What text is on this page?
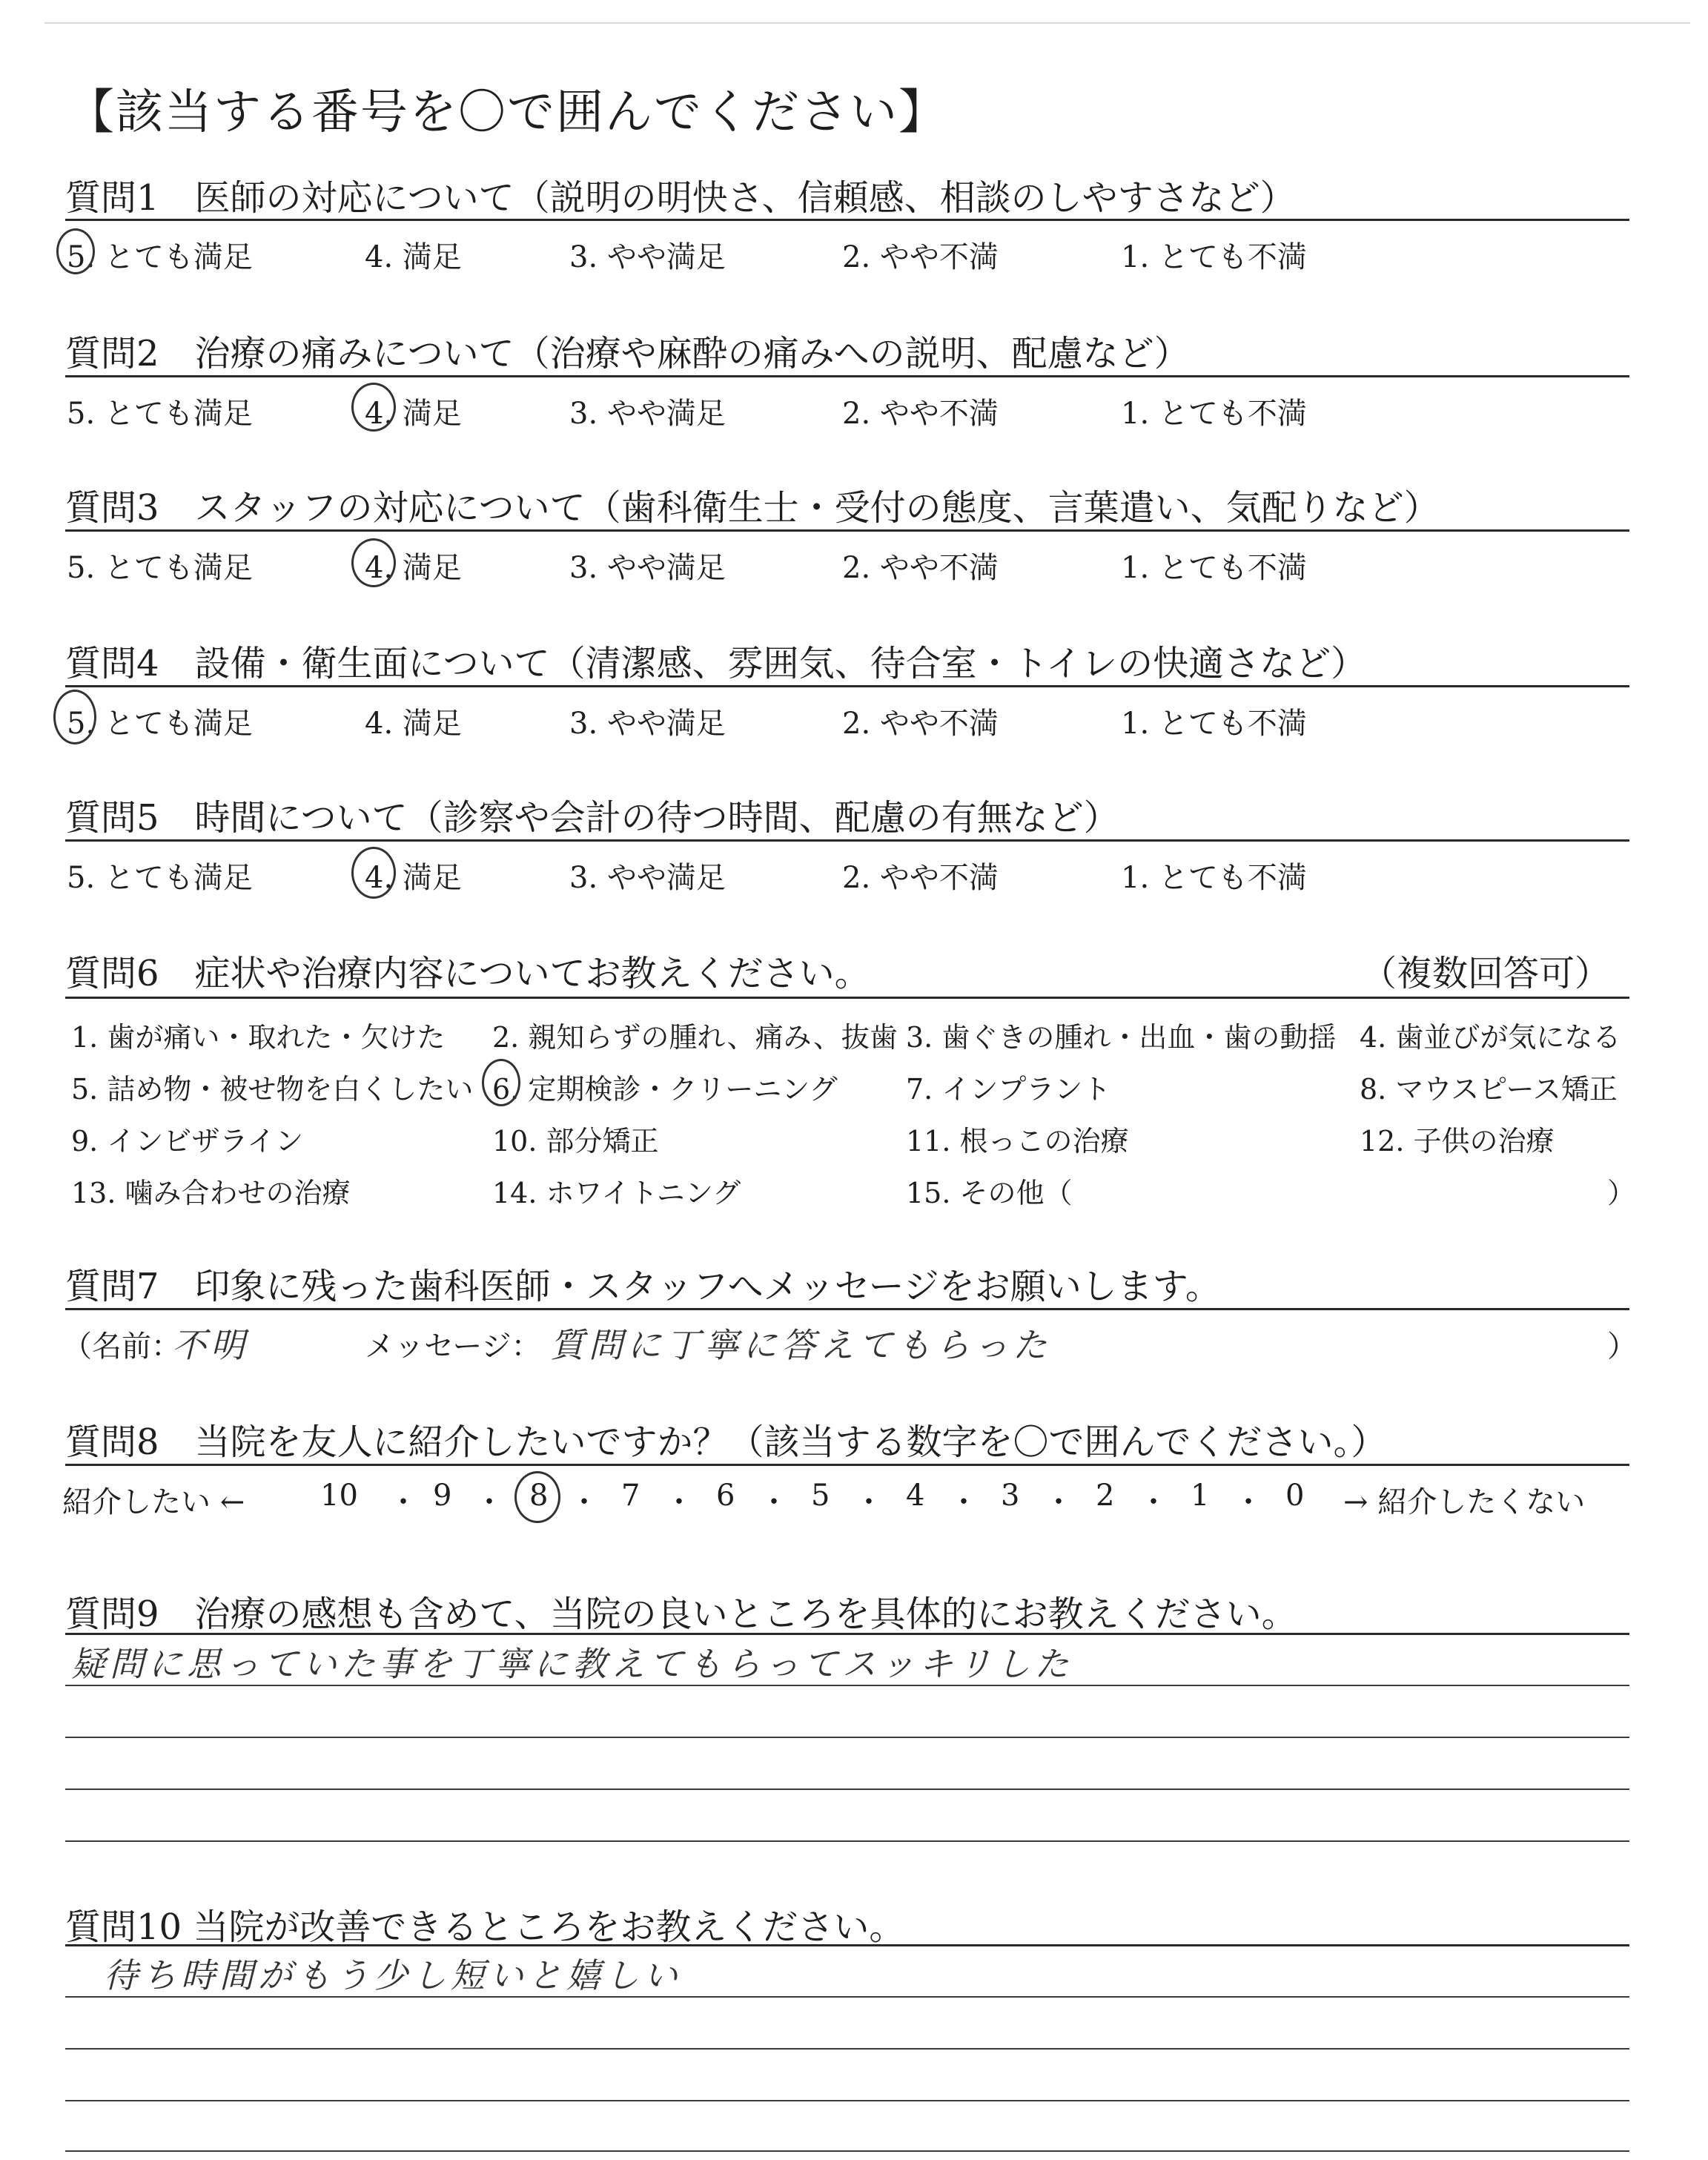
【該当する番号を〇で囲んでください】
質問1　医師の対応について（説明の明快さ、信頼感、相談のしやすさなど）
5. とても満足	4. 満足	3. やや満足	2. やや不満	1. とても不満
質問2　治療の痛みについて（治療や麻酔の痛みへの説明、配慮など）
5. とても満足	4. 満足	3. やや満足	2. やや不満	1. とても不満
質問3　スタッフの対応について（歯科衛生士・受付の態度、言葉遣い、気配りなど）
5. とても満足	4. 満足	3. やや満足	2. やや不満	1. とても不満
質問4　設備・衛生面について（清潔感、雰囲気、待合室・トイレの快適さなど）
5. とても満足	4. 満足	3. やや満足	2. やや不満	1. とても不満
質問5　時間について（診察や会計の待つ時間、配慮の有無など）
5. とても満足	4. 満足	3. やや満足	2. やや不満	1. とても不満
質問6　症状や治療内容についてお教えください。	（複数回答可）
1. 歯が痛い・取れた・欠けた 2. 親知らずの腫れ、痛み、抜歯 3. 歯ぐきの腫れ・出血・歯の動揺 4. 歯並びが気になる
5. 詰め物・被せ物を白くしたい 6. 定期検診・クリーニング 7. インプラント	8. マウスピース矯正
9. インビザライン	10. 部分矯正	11. 根っこの治療	12. 子供の治療
13. 噛み合わせの治療	14. ホワイトニング	15. その他（	）
質問7　印象に残った歯科医師・スタッフへメッセージをお願いします。
（名前：
不明	メッセージ： 質問に丁寧に答えてもらった	）
質問8　当院を友人に紹介したいですか？（該当する数字を〇で囲んでください。）
紹介したい ←	10 ・ 9 ・ 8 ・ 7 ・ 6 ・ 5 ・ 4 ・ 3 ・ 2 ・ 1 ・ 0 → 紹介したくない
質問9　治療の感想も含めて、当院の良いところを具体的にお教えください。
疑問に思っていた事を丁寧に教えてもらってスッキリした
質問10 当院が改善できるところをお教えください。
待ち時間がもう少し短いと嬉しい
